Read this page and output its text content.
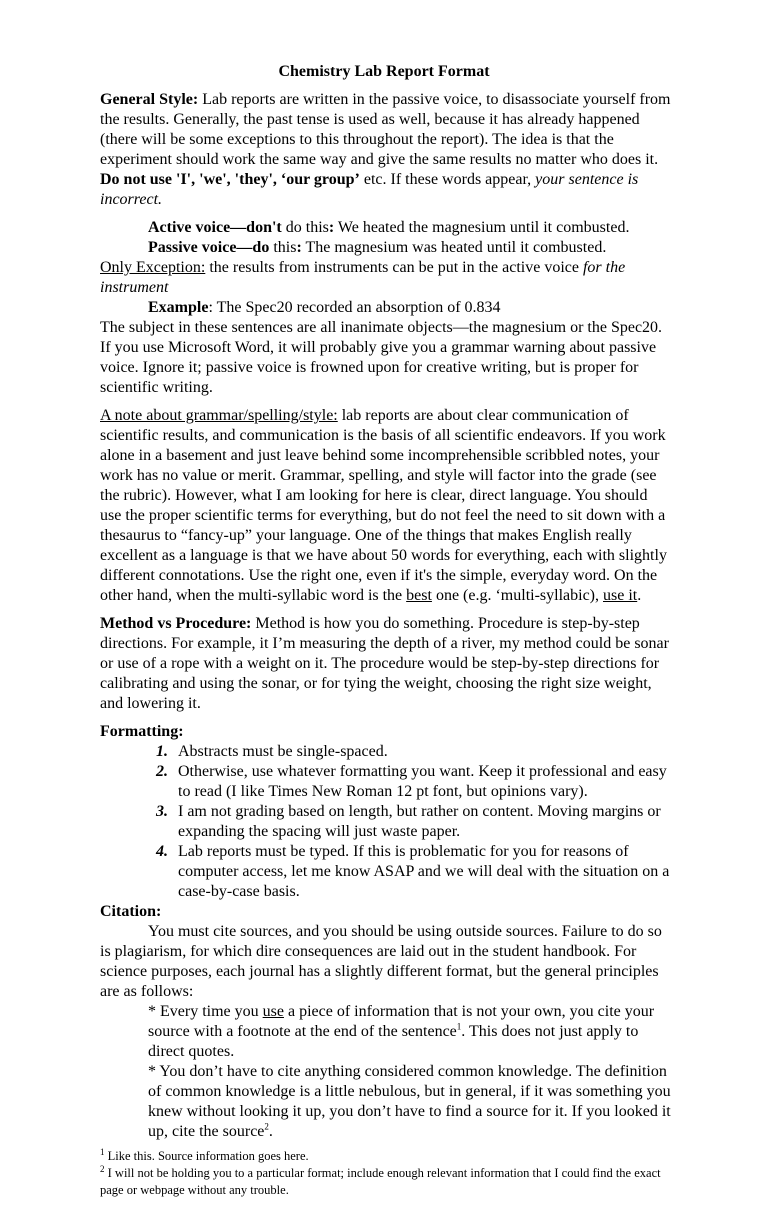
Chemistry Lab Report Format
General Style: Lab reports are written in the passive voice, to disassociate yourself from the results. Generally, the past tense is used as well, because it has already happened (there will be some exceptions to this throughout the report). The idea is that the experiment should work the same way and give the same results no matter who does it. Do not use 'I', 'we', 'they', ‘our group’ etc. If these words appear, your sentence is incorrect.
Active voice—don't do this: We heated the magnesium until it combusted.
Passive voice—do this: The magnesium was heated until it combusted.
Only Exception: the results from instruments can be put in the active voice for the instrument
Example: The Spec20 recorded an absorption of 0.834
The subject in these sentences are all inanimate objects—the magnesium or the Spec20. If you use Microsoft Word, it will probably give you a grammar warning about passive voice. Ignore it; passive voice is frowned upon for creative writing, but is proper for scientific writing.
A note about grammar/spelling/style: lab reports are about clear communication of scientific results, and communication is the basis of all scientific endeavors. If you work alone in a basement and just leave behind some incomprehensible scribbled notes, your work has no value or merit. Grammar, spelling, and style will factor into the grade (see the rubric). However, what I am looking for here is clear, direct language. You should use the proper scientific terms for everything, but do not feel the need to sit down with a thesaurus to “fancy-up” your language. One of the things that makes English really excellent as a language is that we have about 50 words for everything, each with slightly different connotations. Use the right one, even if it's the simple, everyday word. On the other hand, when the multi-syllabic word is the best one (e.g. ‘multi-syllabic), use it.
Method vs Procedure: Method is how you do something. Procedure is step-by-step directions. For example, it I’m measuring the depth of a river, my method could be sonar or use of a rope with a weight on it. The procedure would be step-by-step directions for calibrating and using the sonar, or for tying the weight, choosing the right size weight, and lowering it.
Formatting:
1. Abstracts must be single-spaced.
2. Otherwise, use whatever formatting you want. Keep it professional and easy to read (I like Times New Roman 12 pt font, but opinions vary).
3. I am not grading based on length, but rather on content. Moving margins or expanding the spacing will just waste paper.
4. Lab reports must be typed. If this is problematic for you for reasons of computer access, let me know ASAP and we will deal with the situation on a case-by-case basis.
Citation:
You must cite sources, and you should be using outside sources. Failure to do so is plagiarism, for which dire consequences are laid out in the student handbook. For science purposes, each journal has a slightly different format, but the general principles are as follows:
* Every time you use a piece of information that is not your own, you cite your source with a footnote at the end of the sentence$^1$. This does not just apply to direct quotes.
* You don’t have to cite anything considered common knowledge. The definition of common knowledge is a little nebulous, but in general, if it was something you knew without looking it up, you don’t have to find a source for it. If you looked it up, cite the source$^2$.
$^1$ Like this. Source information goes here.
$^2$ I will not be holding you to a particular format; include enough relevant information that I could find the exact page or webpage without any trouble.
